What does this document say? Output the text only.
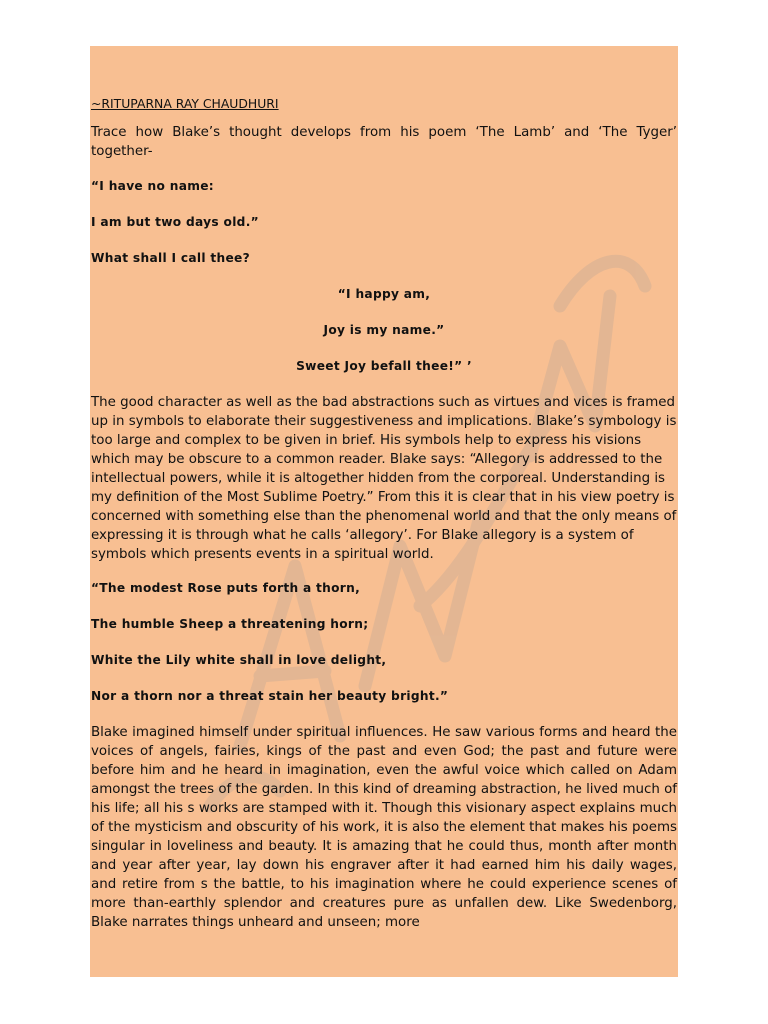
~RITUPARNA RAY CHAUDHURI

Trace how Blake’s thought develops from his poem ‘The Lamb’ and ‘The Tyger’ together-

“I have no name:

I am but two days old.”

What shall I call thee?

“I happy am,

Joy is my name.”

Sweet Joy befall thee!” ’

The good character as well as the bad abstractions such as virtues and vices is framed up in symbols to elaborate their suggestiveness and implications. Blake’s symbology is too large and complex to be given in brief. His symbols help to express his visions which may be obscure to a common reader. Blake says: “Allegory is addressed to the intellectual powers, while it is altogether hidden from the corporeal. Understanding is my definition of the Most Sublime Poetry.” From this it is clear that in his view poetry is concerned with something else than the phenomenal world and that the only means of expressing it is through what he calls ‘allegory’. For Blake allegory is a system of symbols which presents events in a spiritual world.

“The modest Rose puts forth a thorn,

The humble Sheep a threatening horn;

White the Lily white shall in love delight,

Nor a thorn nor a threat stain her beauty bright.”

Blake imagined himself under spiritual influences. He saw various forms and heard the voices of angels, fairies, kings of the past and even God; the past and future were before him and he heard in imagination, even the awful voice which called on Adam amongst the trees of the garden. In this kind of dreaming abstraction, he lived much of his life; all his s works are stamped with it. Though this visionary aspect explains much of the mysticism and obscurity of his work, it is also the element that makes his poems singular in loveliness and beauty. It is amazing that he could thus, month after month and year after year, lay down his engraver after it had earned him his daily wages, and retire from s the battle, to his imagination where he could experience scenes of more than-earthly splendor and creatures pure as unfallen dew. Like Swedenborg, Blake narrates things unheard and unseen; more
